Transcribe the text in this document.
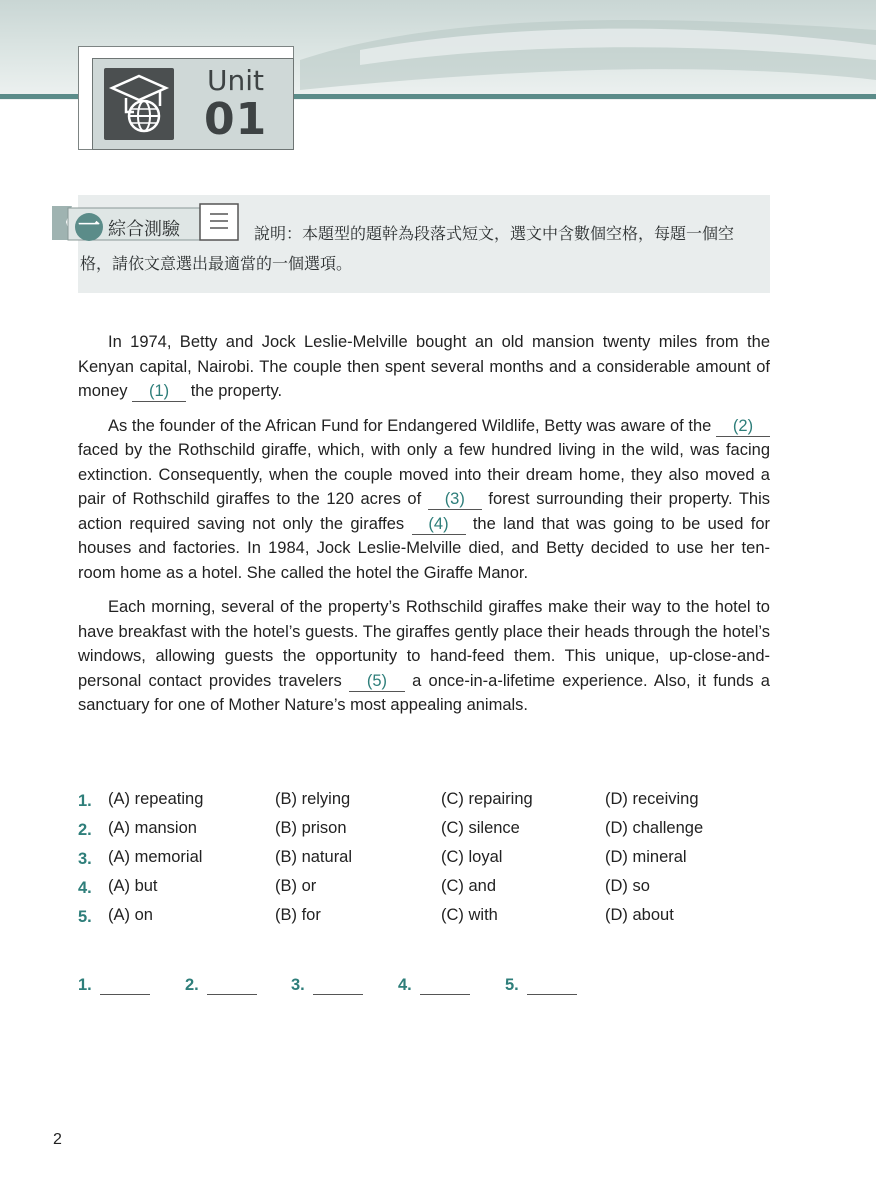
Unit
01
一 綜合測驗	說明：本題型的題幹為段落式短文，選文中含數個空格，每題一個空格，請依文意選出最適當的一個選項。

In 1974, Betty and Jock Leslie-Melville bought an old mansion twenty miles from the Kenyan capital, Nairobi. The couple then spent several months and a considerable amount of money (1) the property.

As the founder of the African Fund for Endangered Wildlife, Betty was aware of the (2) faced by the Rothschild giraffe, which, with only a few hundred living in the wild, was facing extinction. Consequently, when the couple moved into their dream home, they also moved a pair of Rothschild giraffes to the 120 acres of (3) forest surrounding their property. This action required saving not only the giraffes (4) the land that was going to be used for houses and factories. In 1984, Jock Leslie-Melville died, and Betty decided to use her ten-room home as a hotel. She called the hotel the Giraffe Manor.

Each morning, several of the property’s Rothschild giraffes make their way to the hotel to have breakfast with the hotel’s guests. The giraffes gently place their heads through the hotel’s windows, allowing guests the opportunity to hand-feed them. This unique, up-close-and-personal contact provides travelers (5) a once-in-a-lifetime experience. Also, it funds a sanctuary for one of Mother Nature’s most appealing animals.

1. (A) repeating	(B) relying	(C) repairing	(D) receiving
2. (A) mansion	(B) prison	(C) silence	(D) challenge
3. (A) memorial	(B) natural	(C) loyal	(D) mineral
4. (A) but	(B) or	(C) and	(D) so
5. (A) on	(B) for	(C) with	(D) about
1.	2.	3.	4.	5.
2
